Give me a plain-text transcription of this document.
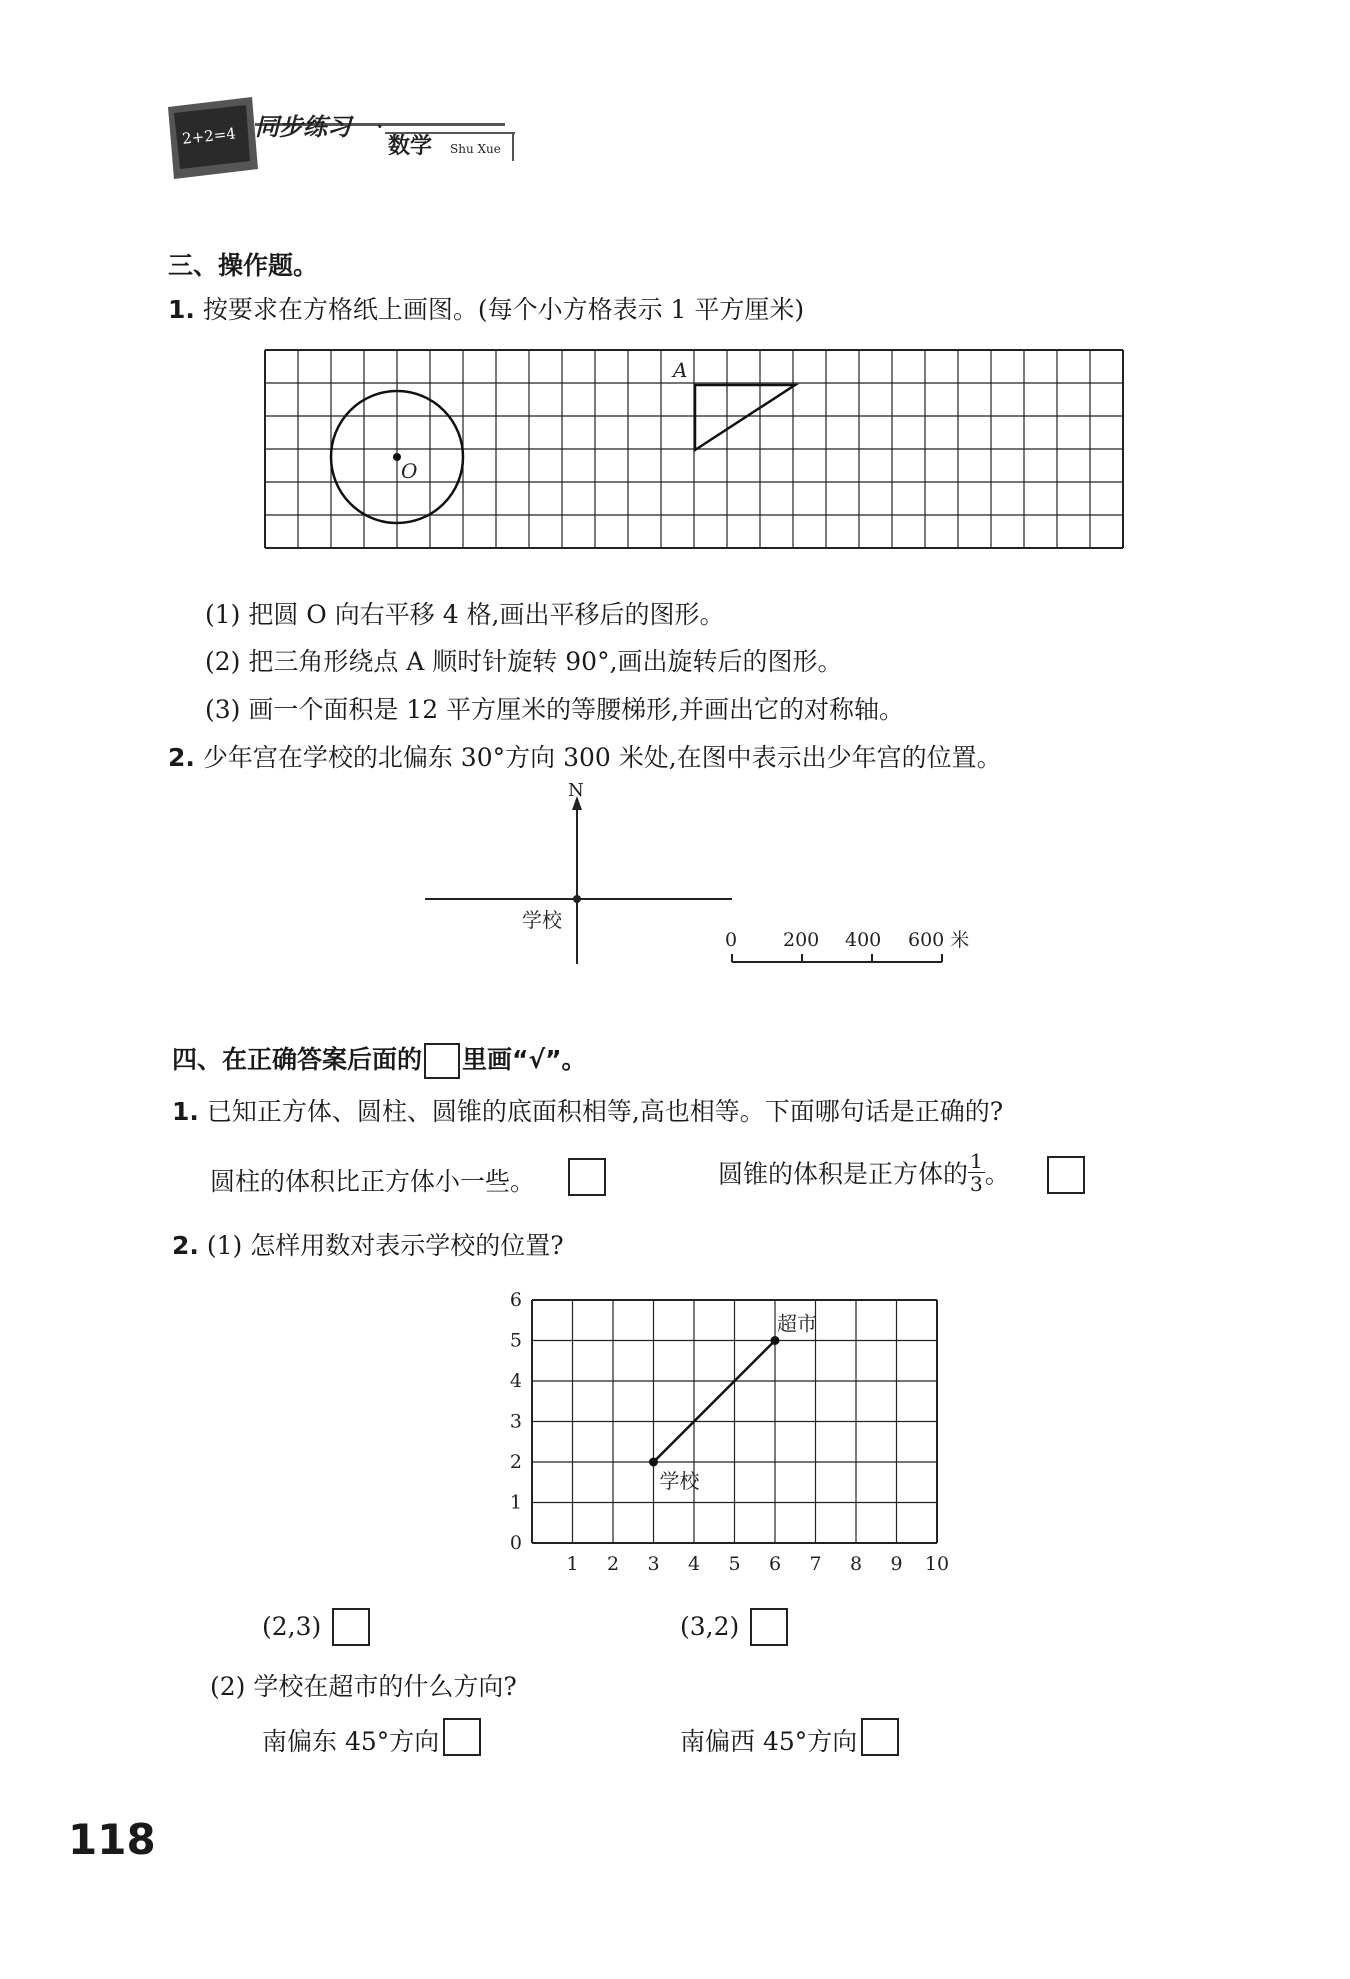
2+2=4 同步练习 ·
数学 Shu Xue
三、操作题。
1. 按要求在方格纸上画图。(每个小方格表示 1 平方厘米)
O
A
(1) 把圆 O 向右平移 4 格,画出平移后的图形。
(2) 把三角形绕点 A 顺时针旋转 90°,画出旋转后的图形。
(3) 画一个面积是 12 平方厘米的等腰梯形,并画出它的对称轴。
2. 少年宫在学校的北偏东 30°方向 300 米处,在图中表示出少年宫的位置。
N
学校
0 200 400 600 米
四、在正确答案后面的 里画“√”。
1. 已知正方体、圆柱、圆锥的底面积相等,高也相等。下面哪句话是正确的?
圆柱的体积比正方体小一些。	圆锥的体积是正方体的 $\frac{1}{3}$ 。
2. (1) 怎样用数对表示学校的位置?
1 2 3 4 5 6 7 8 9 10
0
1
2
3
4
5
6
学校
超市
(2,3)	(3,2)
(2) 学校在超市的什么方向?
南偏东 45°方向	南偏西 45°方向
118
